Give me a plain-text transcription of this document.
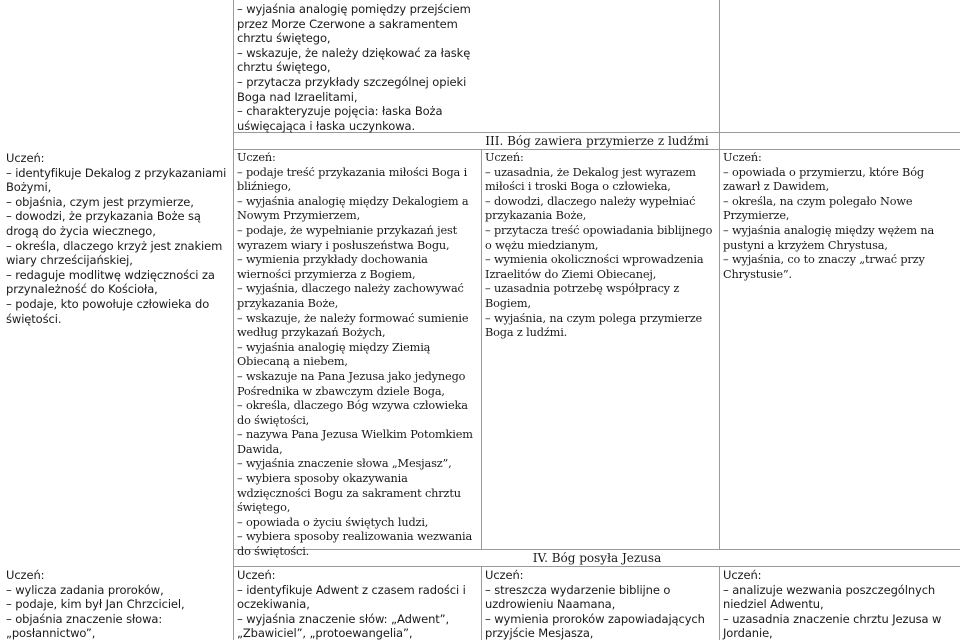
– wyjaśnia analogię pomiędzy przejściem przez Morze Czerwone a sakramentem chrztu świętego,

– wskazuje, że należy dziękować za łaskę chrztu świętego,

– przytacza przykłady szczególnej opieki Boga nad Izraelitami,

– charakteryzuje pojęcia: łaska Boża uświęcająca i łaska uczynkowa.

III. Bóg zawiera przymierze z ludźmi

Uczeń:

– identyfikuje Dekalog z przykazaniami Bożymi,

– objaśnia, czym jest przymierze,

– dowodzi, że przykazania Boże są drogą do życia wiecznego,

– określa, dlaczego krzyż jest znakiem wiary chrześcijańskiej,

– redaguje modlitwę wdzięczności za przynależność do Kościoła,

– podaje, kto powołuje człowieka do świętości.

Uczeń:

– podaje treść przykazania miłości Boga i bliźniego,

– wyjaśnia analogię między Dekalogiem a Nowym Przymierzem,

– podaje, że wypełnianie przykazań jest wyrazem wiary i posłuszeństwa Bogu,

– wymienia przykłady dochowania wierności przymierza z Bogiem,

– wyjaśnia, dlaczego należy zachowywać przykazania Boże,

– wskazuje, że należy formować sumienie według przykazań Bożych,

– wyjaśnia analogię między Ziemią Obiecaną a niebem,

– wskazuje na Pana Jezusa jako jedynego Pośrednika w zbawczym dziele Boga,

– określa, dlaczego Bóg wzywa człowieka do świętości,

– nazywa Pana Jezusa Wielkim Potomkiem Dawida,

– wyjaśnia znaczenie słowa „Mesjasz”,

– wybiera sposoby okazywania wdzięczności Bogu za sakrament chrztu świętego,

– opowiada o życiu świętych ludzi,

– wybiera sposoby realizowania wezwania do świętości.

Uczeń:

– uzasadnia, że Dekalog jest wyrazem miłości i troski Boga o człowieka,

– dowodzi, dlaczego należy wypełniać przykazania Boże,

– przytacza treść opowiadania biblijnego o wężu miedzianym,

– wymienia okoliczności wprowadzenia Izraelitów do Ziemi Obiecanej,

– uzasadnia potrzebę współpracy z Bogiem,

– wyjaśnia, na czym polega przymierze Boga z ludźmi.

Uczeń:

– opowiada o przymierzu, które Bóg zawarł z Dawidem,

– określa, na czym polegało Nowe Przymierze,

– wyjaśnia analogię między wężem na pustyni a krzyżem Chrystusa,

– wyjaśnia, co to znaczy „trwać przy Chrystusie”.

IV. Bóg posyła Jezusa

Uczeń:

– wylicza zadania proroków,

– podaje, kim był Jan Chrzciciel,

– objaśnia znaczenie słowa: „posłannictwo”,

Uczeń:

– identyfikuje Adwent z czasem radości i oczekiwania,

– wyjaśnia znaczenie słów: „Adwent”, „Zbawiciel”, „protoewangelia”,

Uczeń:

– streszcza wydarzenie biblijne o uzdrowieniu Naamana,

– wymienia proroków zapowiadających przyjście Mesjasza,

Uczeń:

– analizuje wezwania poszczególnych niedziel Adwentu,

– uzasadnia znaczenie chrztu Jezusa w Jordanie,
